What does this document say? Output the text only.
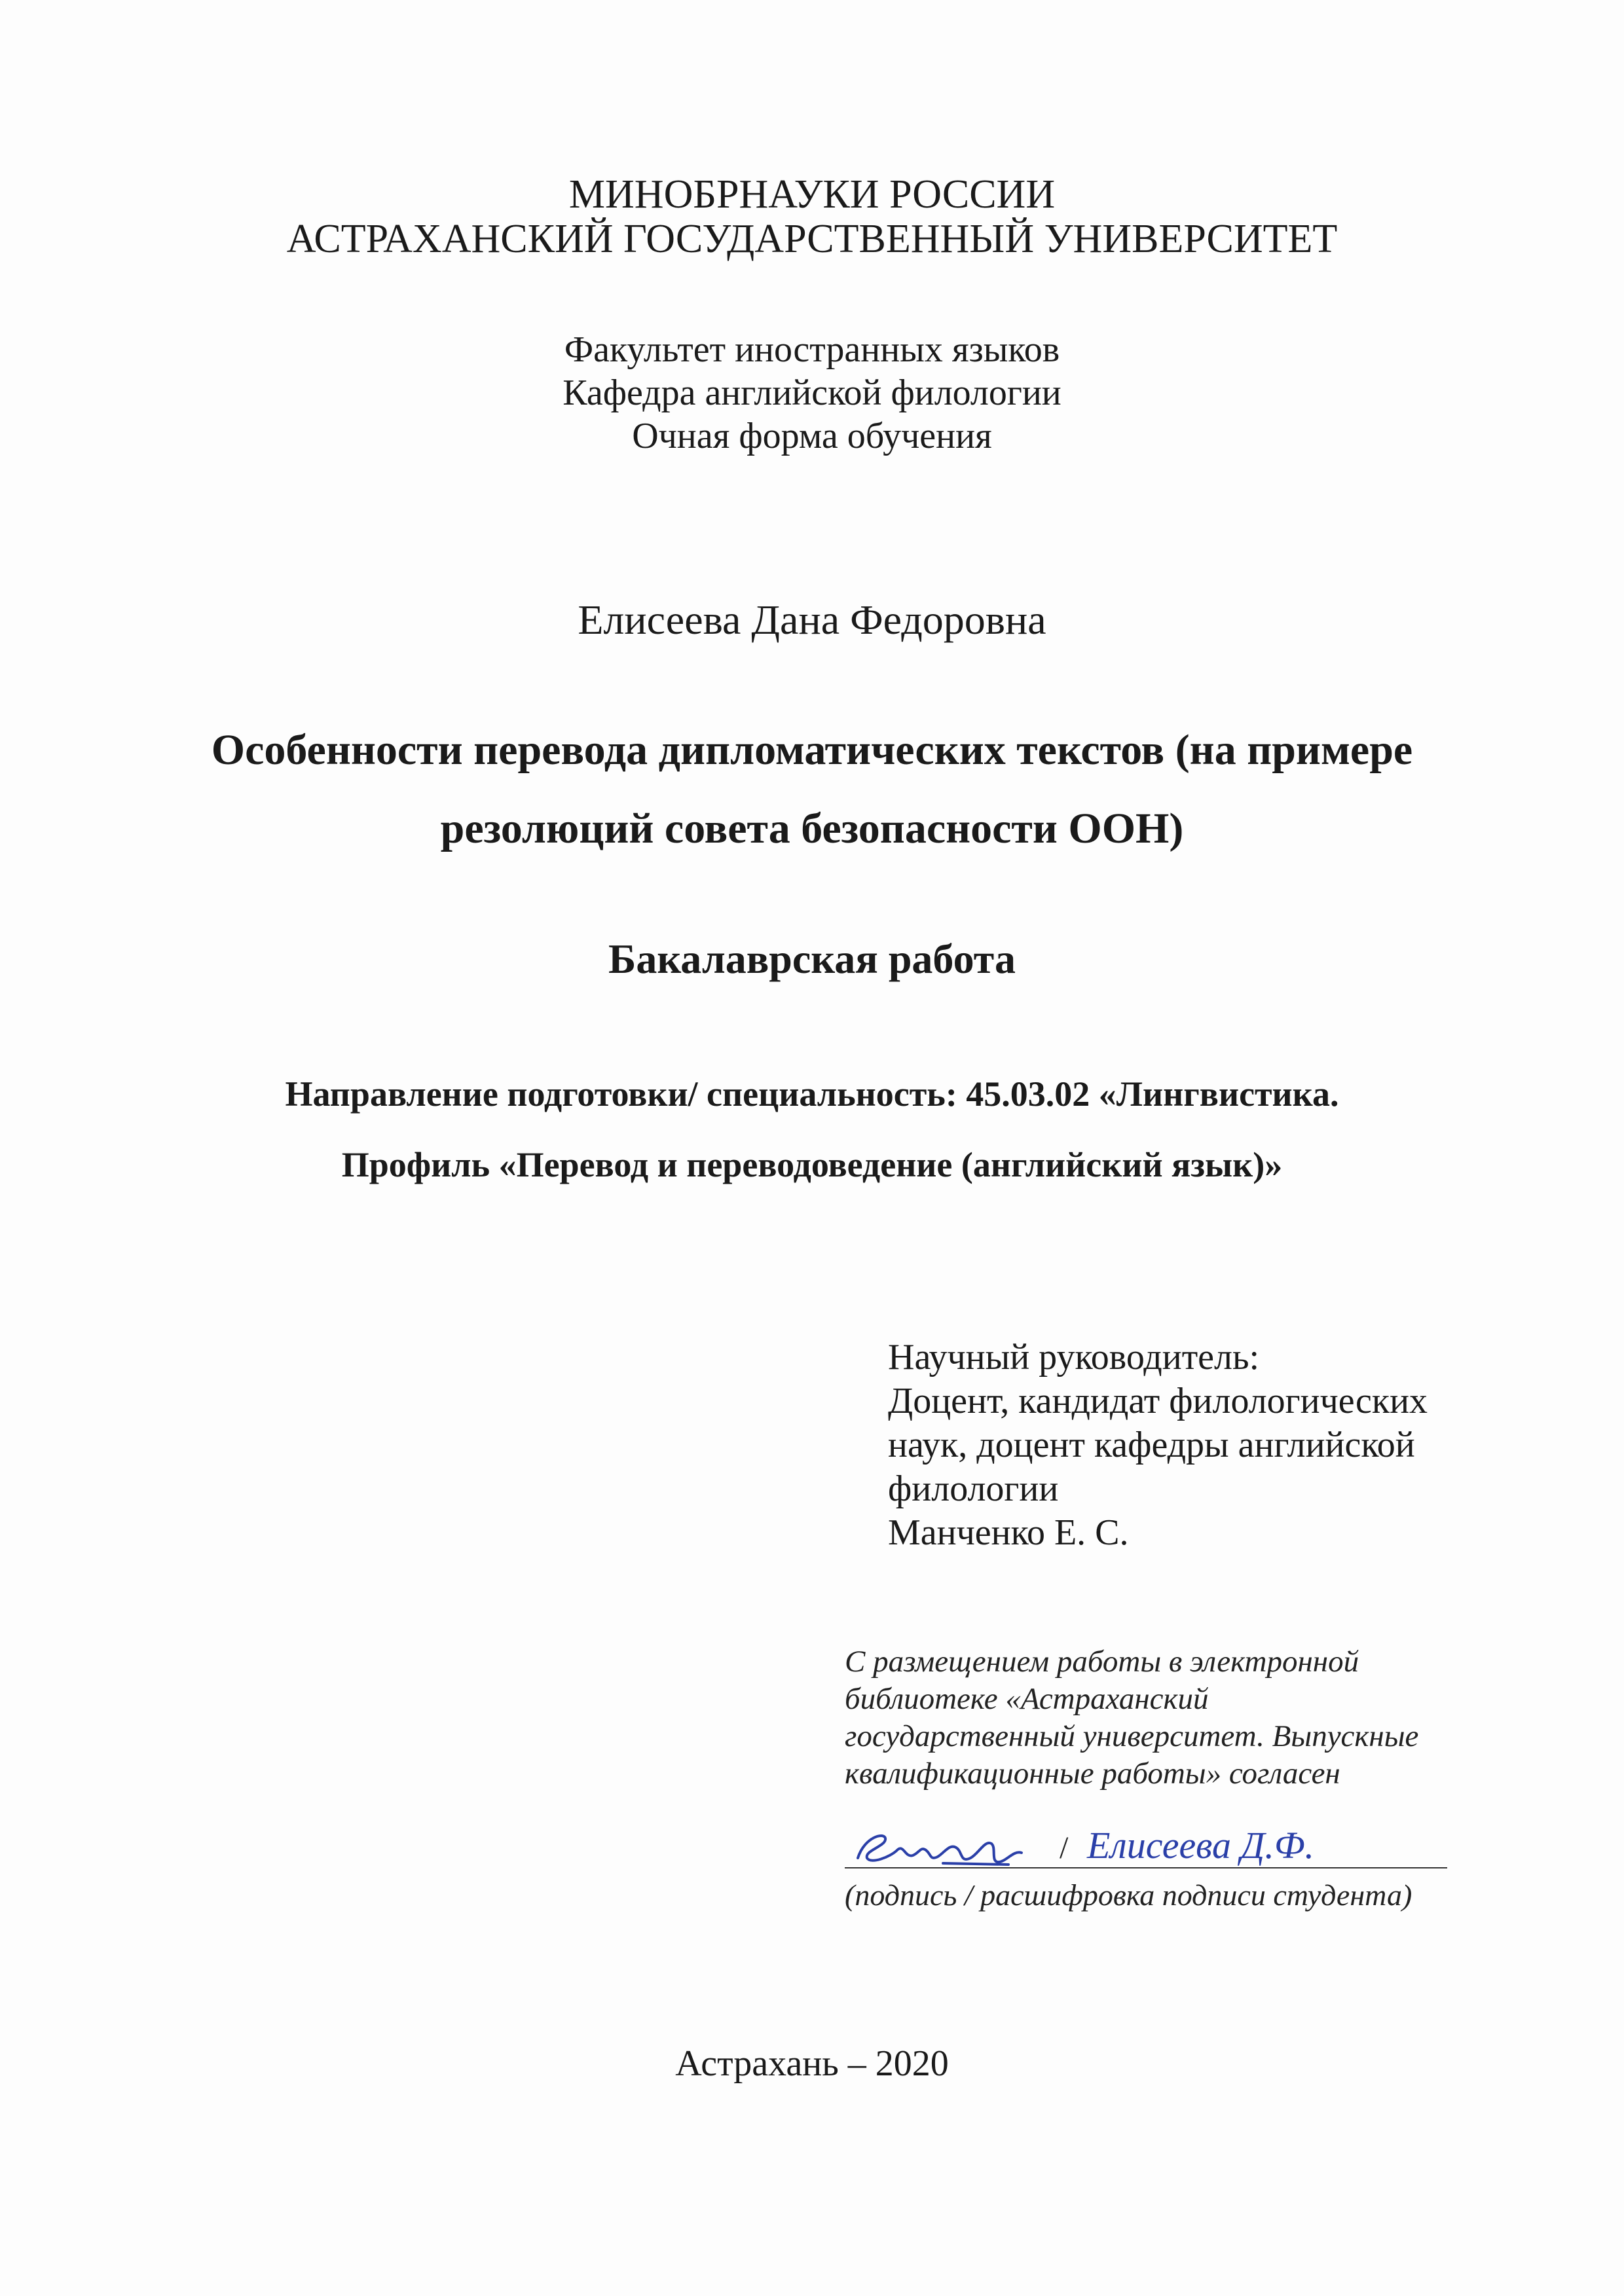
МИНОБРНАУКИ РОССИИ
АСТРАХАНСКИЙ ГОСУДАРСТВЕННЫЙ УНИВЕРСИТЕТ
Факультет иностранных языков
Кафедра английской филологии
Очная форма обучения
Елисеева Дана Федоровна
Особенности перевода дипломатических текстов (на примере
резолюций совета безопасности ООН)
Бакалаврская работа
Направление подготовки/ специальность: 45.03.02 «Лингвистика.
Профиль «Перевод и переводоведение (английский язык)»
Научный руководитель:
Доцент, кандидат филологических
наук, доцент кафедры английской
филологии
Манченко Е. С.
С размещением работы в электронной
библиотеке «Астраханский
государственный университет. Выпускные
квалификационные работы» согласен
/ Елисеева Д.Ф.
(подпись / расшифровка подписи студента)
Астрахань – 2020
